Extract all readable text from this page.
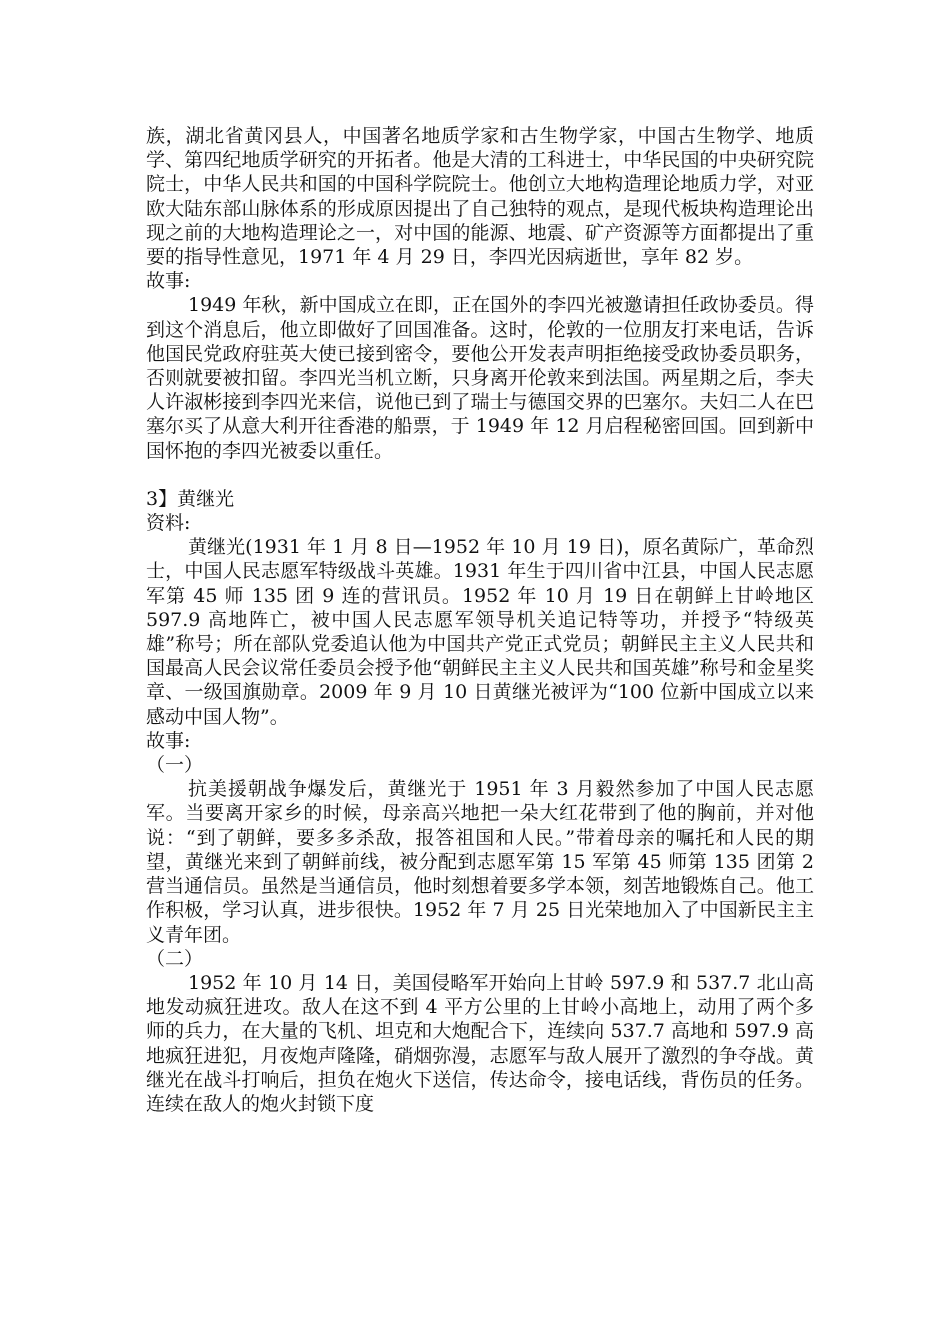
族，湖北省黄冈县人，中国著名地质学家和古生物学家，中国古生物学、地质学、第四纪地质学研究的开拓者。他是大清的工科进士，中华民国的中央研究院院士，中华人民共和国的中国科学院院士。他创立大地构造理论地质力学，对亚欧大陆东部山脉体系的形成原因提出了自己独特的观点，是现代板块构造理论出现之前的大地构造理论之一，对中国的能源、地震、矿产资源等方面都提出了重要的指导性意见，1971 年 4 月 29 日，李四光因病逝世，享年 82 岁。

故事:

1949 年秋，新中国成立在即，正在国外的李四光被邀请担任政协委员。得到这个消息后，他立即做好了回国准备。这时，伦敦的一位朋友打来电话，告诉他国民党政府驻英大使已接到密令，要他公开发表声明拒绝接受政协委员职务，否则就要被扣留。李四光当机立断，只身离开伦敦来到法国。两星期之后，李夫人许淑彬接到李四光来信，说他已到了瑞士与德国交界的巴塞尔。夫妇二人在巴塞尔买了从意大利开往香港的船票，于 1949 年 12 月启程秘密回国。回到新中国怀抱的李四光被委以重任。

3】黄继光

资料:

黄继光(1931 年 1 月 8 日—1952 年 10 月 19 日)，原名黄际广，革命烈士，中国人民志愿军特级战斗英雄。1931 年生于四川省中江县，中国人民志愿军第 45 师 135 团 9 连的营讯员。1952 年 10 月 19 日在朝鲜上甘岭地区 597.9 高地阵亡，被中国人民志愿军领导机关追记特等功，并授予“特级英雄”称号；所在部队党委追认他为中国共产党正式党员；朝鲜民主主义人民共和国最高人民会议常任委员会授予他“朝鲜民主主义人民共和国英雄”称号和金星奖章、一级国旗勋章。2009 年 9 月 10 日黄继光被评为“100 位新中国成立以来感动中国人物”。

故事:

（一）

抗美援朝战争爆发后，黄继光于 1951 年 3 月毅然参加了中国人民志愿军。当要离开家乡的时候，母亲高兴地把一朵大红花带到了他的胸前，并对他说：“到了朝鲜，要多多杀敌，报答祖国和人民。”带着母亲的嘱托和人民的期望，黄继光来到了朝鲜前线，被分配到志愿军第 15 军第 45 师第 135 团第 2 营当通信员。虽然是当通信员，他时刻想着要多学本领，刻苦地锻炼自己。他工作积极，学习认真，进步很快。1952 年 7 月 25 日光荣地加入了中国新民主主义青年团。

（二）

1952 年 10 月 14 日，美国侵略军开始向上甘岭 597.9 和 537.7 北山高地发动疯狂进攻。敌人在这不到 4 平方公里的上甘岭小高地上，动用了两个多师的兵力，在大量的飞机、坦克和大炮配合下，连续向 537.7 高地和 597.9 高地疯狂进犯，月夜炮声隆隆，硝烟弥漫，志愿军与敌人展开了激烈的争夺战。黄继光在战斗打响后，担负在炮火下送信，传达命令，接电话线，背伤员的任务。连续在敌人的炮火封锁下度
